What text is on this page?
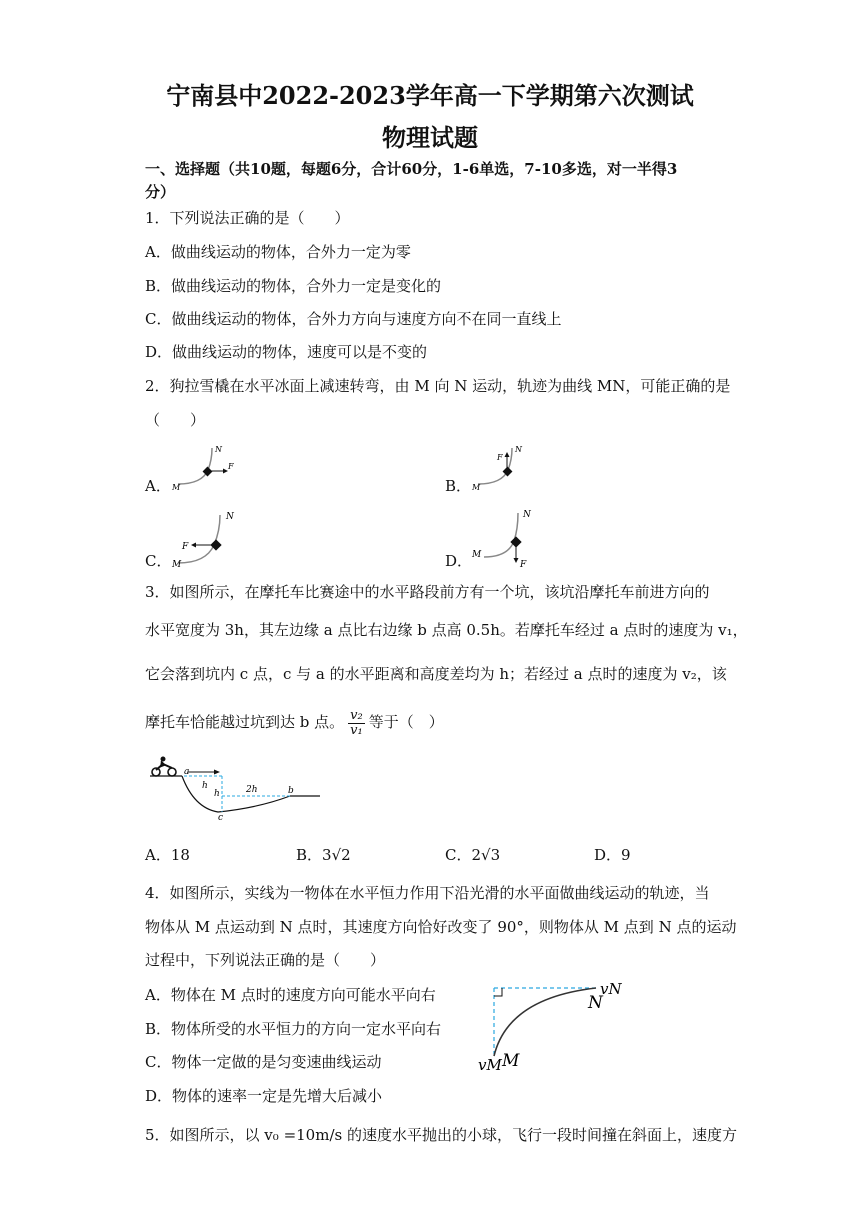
宁南县中2022-2023学年高一下学期第六次测试
物理试题
一、选择题（共10题，每题6分，合计60分，1-6单选，7-10多选，对一半得3
分）
1．下列说法正确的是（　　）
A．做曲线运动的物体，合外力一定为零
B．做曲线运动的物体，合外力一定是变化的
C．做曲线运动的物体，合外力方向与速度方向不在同一直线上
D．做曲线运动的物体，速度可以是不变的
2．狗拉雪橇在水平冰面上减速转弯，由 M 向 N 运动，轨迹为曲线 MN，可能正确的是
（　　）
A． M
N
F
B． M
N
F
C． M
N
F
D． M
N
F
3．如图所示，在摩托车比赛途中的水平路段前方有一个坑，该坑沿摩托车前进方向的
水平宽度为 3h，其左边缘 a 点比右边缘 b 点高 0.5h。若摩托车经过 a 点时的速度为 v₁，
它会落到坑内 c 点，c 与 a 的水平距离和高度差均为 h；若经过 a 点时的速度为 v₂，该
摩托车恰能越过坑到达 b 点。 $\frac{\text{v₂}}{\text{v₁}}$ 等于（　）
a
b
c
h
h	2h
A．18	B．3√2	C．2√3	D．9
4．如图所示，实线为一物体在水平恒力作用下沿光滑的水平面做曲线运动的轨迹，当
物体从 M 点运动到 N 点时，其速度方向恰好改变了 90°，则物体从 M 点到 N 点的运动
过程中，下列说法正确的是（　　）
A．物体在 M 点时的速度方向可能水平向右
B．物体所受的水平恒力的方向一定水平向右
C．物体一定做的是匀变速曲线运动
D．物体的速率一定是先增大后减小
vN
N
vM M
5．如图所示，以 v₀ =10m/s 的速度水平抛出的小球，飞行一段时间撞在斜面上，速度方
